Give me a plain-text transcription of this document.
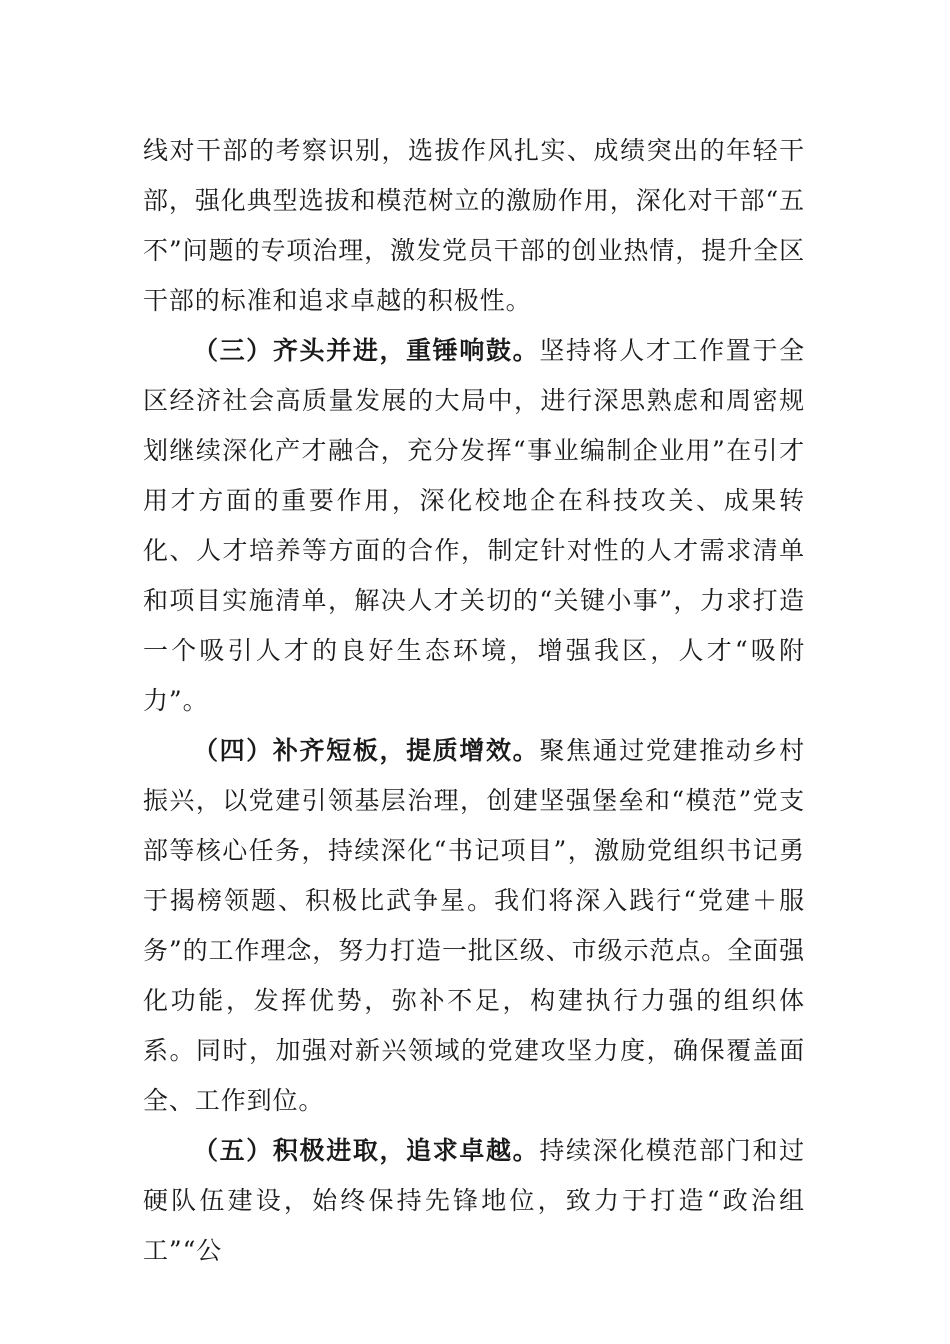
线对干部的考察识别，选拔作风扎实、成绩突出的年轻干部，强化典型选拔和模范树立的激励作用，深化对干部“五不”问题的专项治理，激发党员干部的创业热情，提升全区干部的标准和追求卓越的积极性。

（三）齐头并进，重锤响鼓。坚持将人才工作置于全区经济社会高质量发展的大局中，进行深思熟虑和周密规划继续深化产才融合，充分发挥“事业编制企业用”在引才用才方面的重要作用，深化校地企在科技攻关、成果转化、人才培养等方面的合作，制定针对性的人才需求清单和项目实施清单，解决人才关切的“关键小事”，力求打造一个吸引人才的良好生态环境，增强我区，人才“吸附力”。

（四）补齐短板，提质增效。聚焦通过党建推动乡村振兴，以党建引领基层治理，创建坚强堡垒和“模范”党支部等核心任务，持续深化“书记项目”，激励党组织书记勇于揭榜领题、积极比武争星。我们将深入践行“党建＋服务”的工作理念，努力打造一批区级、市级示范点。全面强化功能，发挥优势，弥补不足，构建执行力强的组织体系。同时，加强对新兴领域的党建攻坚力度，确保覆盖面全、工作到位。

（五）积极进取，追求卓越。持续深化模范部门和过硬队伍建设，始终保持先锋地位，致力于打造“政治组工”“公
